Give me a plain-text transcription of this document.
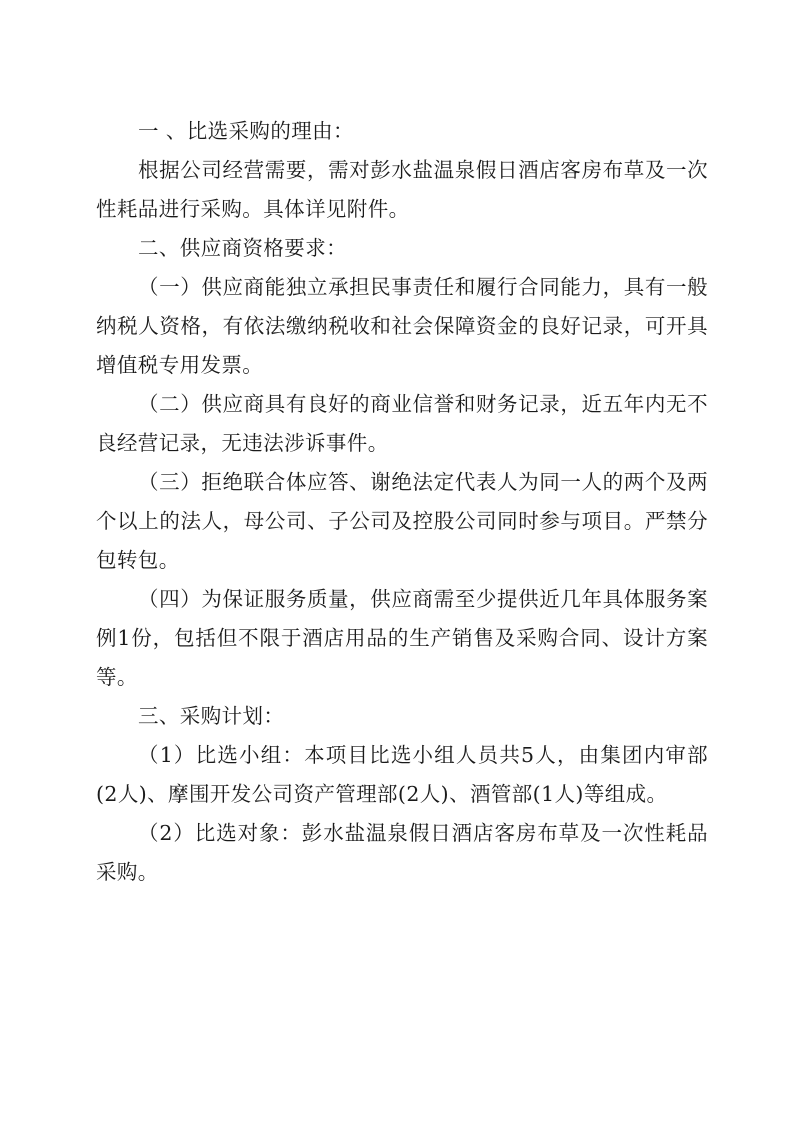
一 、比选采购的理由：

根据公司经营需要，需对彭水盐温泉假日酒店客房布草及一次性耗品进行采购。具体详见附件。

二、供应商资格要求：

（一）供应商能独立承担民事责任和履行合同能力，具有一般纳税人资格，有依法缴纳税收和社会保障资金的良好记录，可开具增值税专用发票。

（二）供应商具有良好的商业信誉和财务记录，近五年内无不良经营记录，无违法涉诉事件。

（三）拒绝联合体应答、谢绝法定代表人为同一人的两个及两个以上的法人，母公司、子公司及控股公司同时参与项目。严禁分包转包。

（四）为保证服务质量，供应商需至少提供近几年具体服务案例1份，包括但不限于酒店用品的生产销售及采购合同、设计方案等。

三、采购计划：

（1）比选小组：本项目比选小组人员共5人，由集团内审部(2人)、摩围开发公司资产管理部(2人)、酒管部(1人)等组成。

（2）比选对象：彭水盐温泉假日酒店客房布草及一次性耗品采购。
